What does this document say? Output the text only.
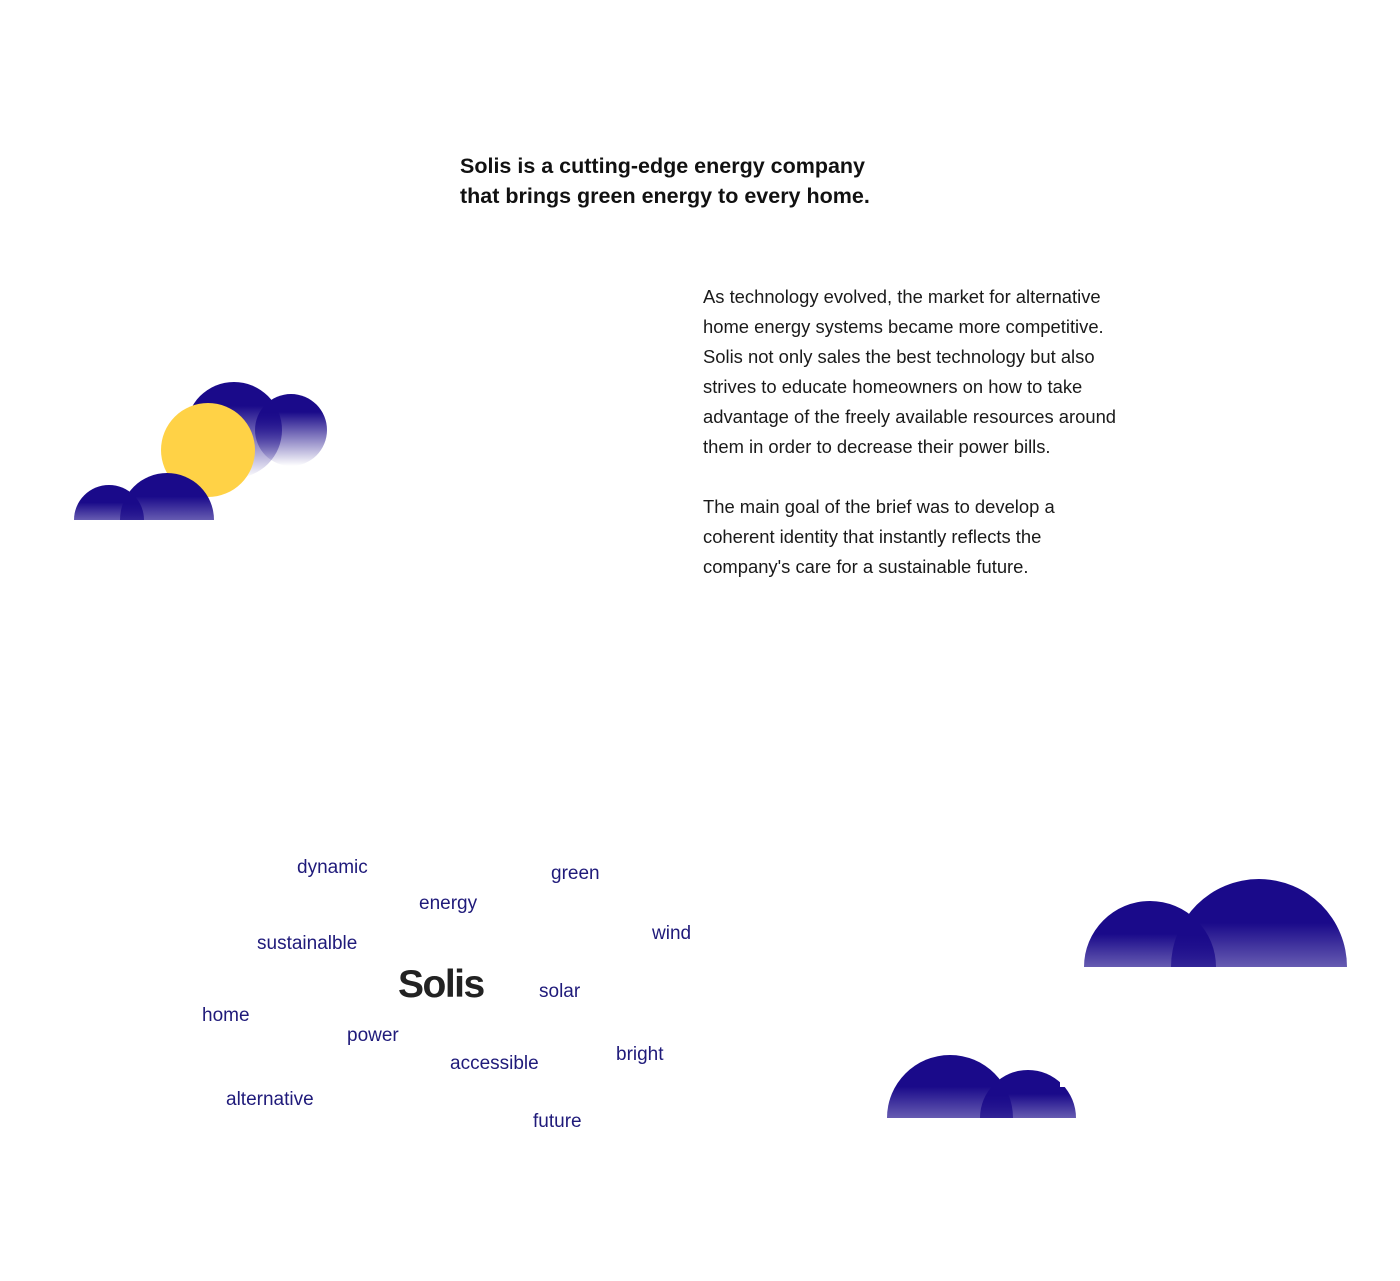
Solis is a cutting-edge energy company
that brings green energy to every home.

As technology evolved, the market for alternative
home energy systems became more competitive.
Solis not only sales the best technology but also
strives to educate homeowners on how to take
advantage of the freely available resources around
them in order to decrease their power bills.

The main goal of the brief was to develop a
coherent identity that instantly reflects the
company's care for a sustainable future.

Solis
dynamic	green
energy
wind
sustainalble
solar
home
power
bright
accessible
alternative
future
